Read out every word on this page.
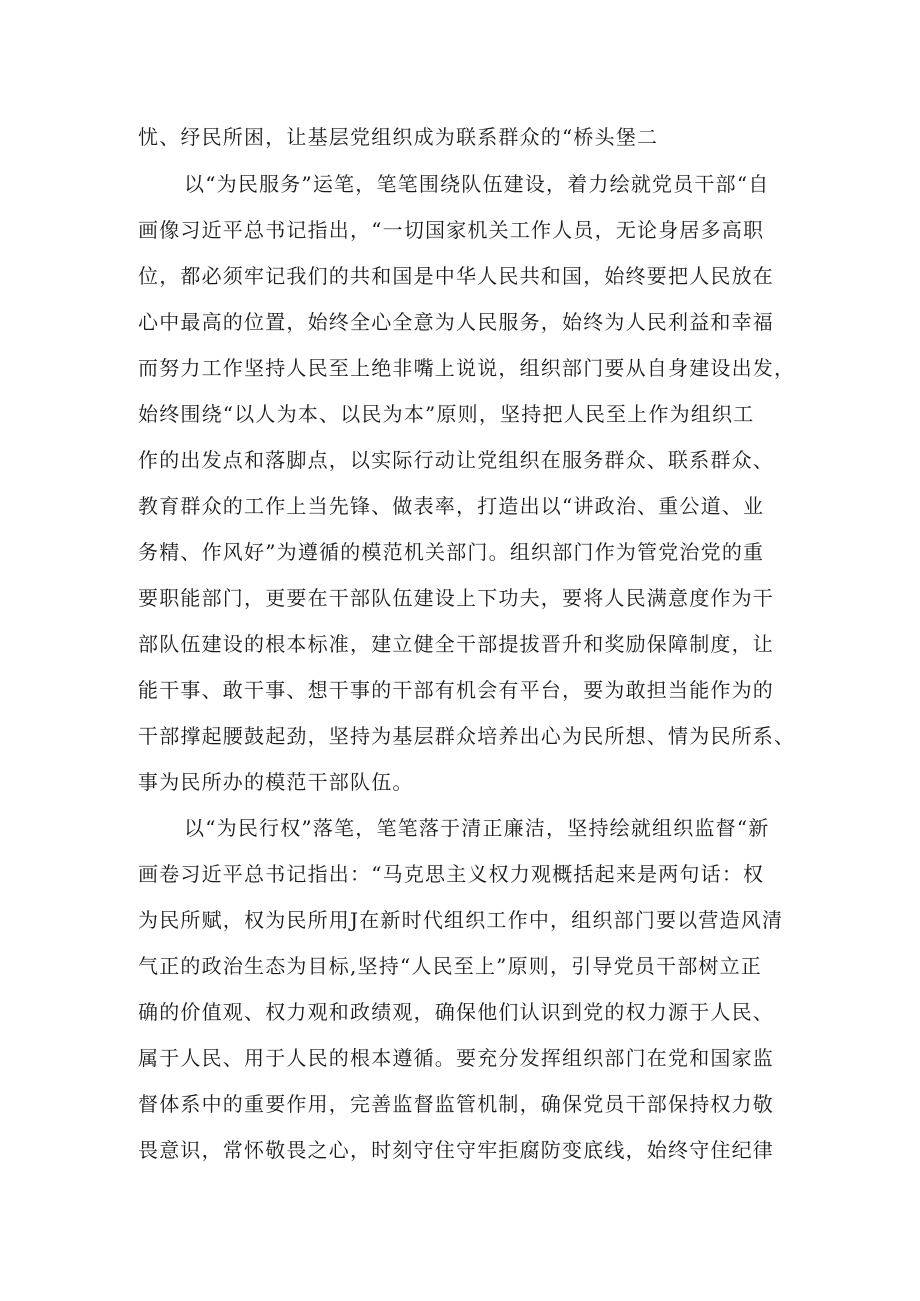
忧、纾民所困，让基层党组织成为联系群众的“桥头堡二
以“为民服务”运笔，笔笔围绕队伍建设，着力绘就党员干部“自
画像习近平总书记指出，“一切国家机关工作人员，无论身居多高职
位，都必须牢记我们的共和国是中华人民共和国，始终要把人民放在
心中最高的位置，始终全心全意为人民服务，始终为人民利益和幸福
而努力工作坚持人民至上绝非嘴上说说，组织部门要从自身建设出发，
始终围绕“以人为本、以民为本”原则，坚持把人民至上作为组织工
作的出发点和落脚点，以实际行动让党组织在服务群众、联系群众、
教育群众的工作上当先锋、做表率，打造出以“讲政治、重公道、业
务精、作风好”为遵循的模范机关部门。组织部门作为管党治党的重
要职能部门，更要在干部队伍建设上下功夫，要将人民满意度作为干
部队伍建设的根本标准，建立健全干部提拔晋升和奖励保障制度，让
能干事、敢干事、想干事的干部有机会有平台，要为敢担当能作为的
干部撑起腰鼓起劲，坚持为基层群众培养出心为民所想、情为民所系、
事为民所办的模范干部队伍。
以“为民行权”落笔，笔笔落于清正廉洁，坚持绘就组织监督“新
画卷习近平总书记指出：“马克思主义权力观概括起来是两句话：权
为民所赋，权为民所用J在新时代组织工作中，组织部门要以营造风清
气正的政治生态为目标,坚持“人民至上”原则，引导党员干部树立正
确的价值观、权力观和政绩观，确保他们认识到党的权力源于人民、
属于人民、用于人民的根本遵循。要充分发挥组织部门在党和国家监
督体系中的重要作用，完善监督监管机制，确保党员干部保持权力敬
畏意识，常怀敬畏之心，时刻守住守牢拒腐防变底线，始终守住纪律
